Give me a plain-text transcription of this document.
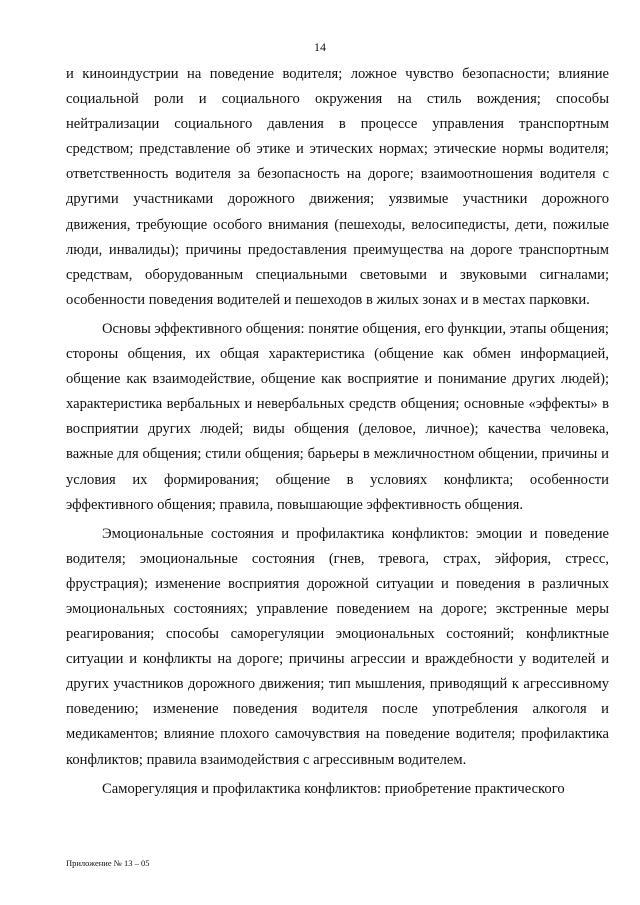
14

и киноиндустрии на поведение водителя; ложное чувство безопасности; влияние социальной роли и социального окружения на стиль вождения; способы нейтрализации социального давления в процессе управления транспортным средством; представление об этике и этических нормах; этические нормы водителя; ответственность водителя за безопасность на дороге; взаимоотношения водителя с другими участниками дорожного движения; уязвимые участники дорожного движения, требующие особого внимания (пешеходы, велосипедисты, дети, пожилые люди, инвалиды); причины предоставления преимущества на дороге транспортным средствам, оборудованным специальными световыми и звуковыми сигналами; особенности поведения водителей и пешеходов в жилых зонах и в местах парковки.

Основы эффективного общения: понятие общения, его функции, этапы общения; стороны общения, их общая характеристика (общение как обмен информацией, общение как взаимодействие, общение как восприятие и понимание других людей); характеристика вербальных и невербальных средств общения; основные «эффекты» в восприятии других людей; виды общения (деловое, личное); качества человека, важные для общения; стили общения; барьеры в межличностном общении, причины и условия их формирования; общение в условиях конфликта; особенности эффективного общения; правила, повышающие эффективность общения.

Эмоциональные состояния и профилактика конфликтов: эмоции и поведение водителя; эмоциональные состояния (гнев, тревога, страх, эйфория, стресс, фрустрация); изменение восприятия дорожной ситуации и поведения в различных эмоциональных состояниях; управление поведением на дороге; экстренные меры реагирования; способы саморегуляции эмоциональных состояний; конфликтные ситуации и конфликты на дороге; причины агрессии и враждебности у водителей и других участников дорожного движения; тип мышления, приводящий к агрессивному поведению; изменение поведения водителя после употребления алкоголя и медикаментов; влияние плохого самочувствия на поведение водителя; профилактика конфликтов; правила взаимодействия с агрессивным водителем.

Саморегуляция и профилактика конфликтов: приобретение практического

Приложение № 13 – 05
